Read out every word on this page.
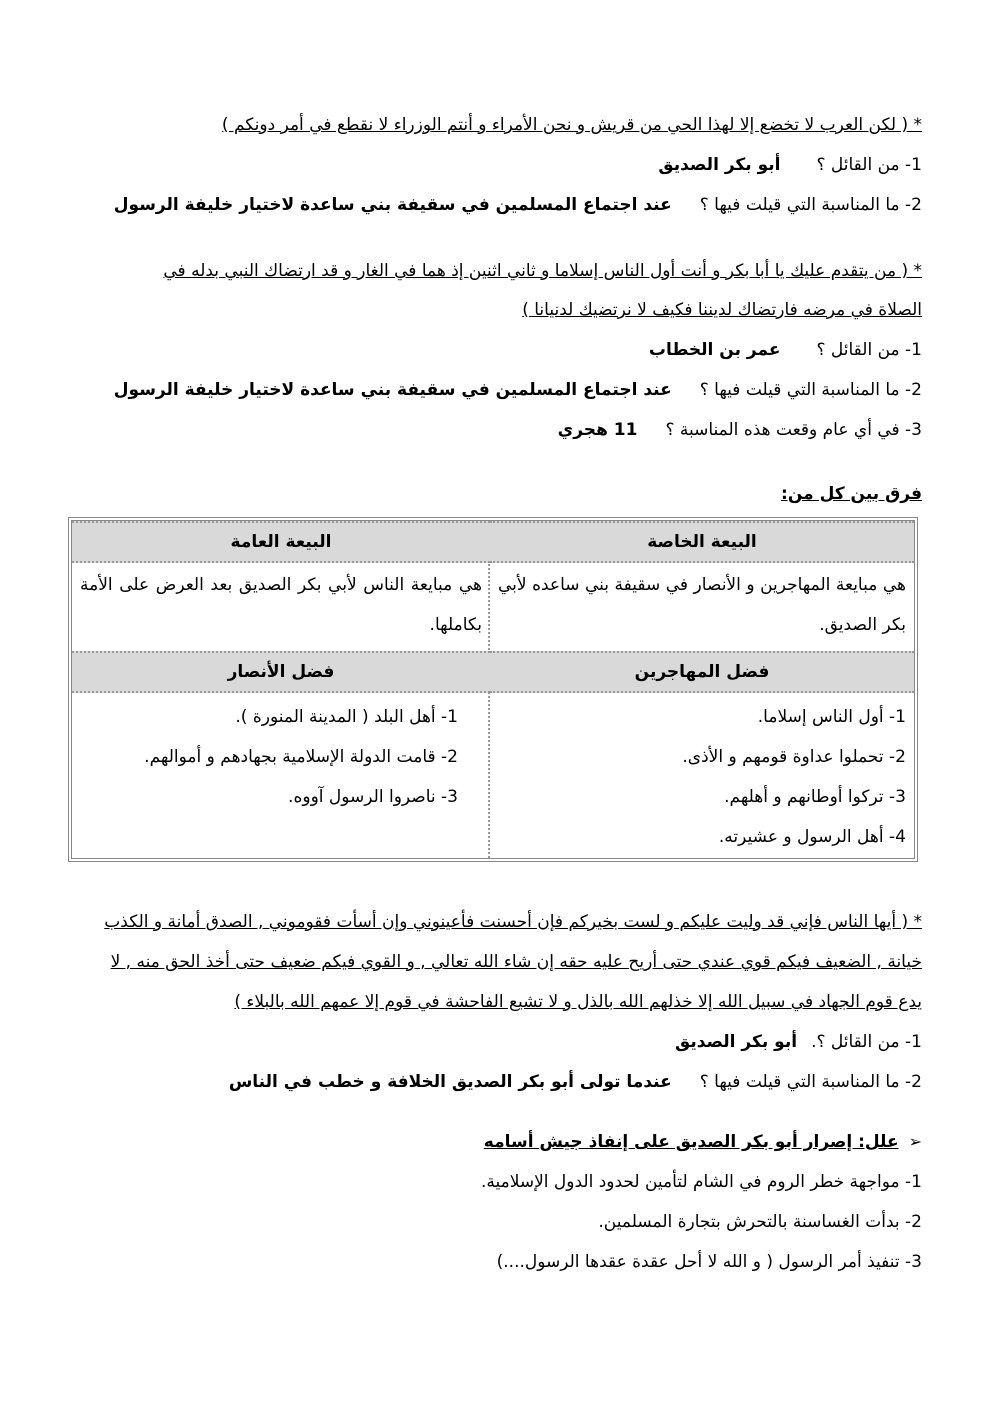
* ( لكن العرب لا تخضع إلا لهذا الحي من قريش و نحن الأمراء و أنتم الوزراء لا نقطع في أمر دونكم )
1- من القائل ؟أبو بكر الصديق
2- ما المناسبة التي قيلت فيها ؟عند اجتماع المسلمين في سقيفة بني ساعدة لاختيار خليفة الرسول
* ( من يتقدم عليك يا أبا بكر و أنت أول الناس إسلاما و ثاني اثنين إذ هما في الغار و قد ارتضاك النبي بدله في
الصلاة في مرضه فارتضاك لديننا فكيف لا نرتضيك لدنيانا )
1- من القائل ؟عمر بن الخطاب
2- ما المناسبة التي قيلت فيها ؟عند اجتماع المسلمين في سقيفة بني ساعدة لاختيار خليفة الرسول
3- في أي عام وقعت هذه المناسبة ؟11 هجري
فرق بين كل من:
البيعة الخاصة

هي مبايعة المهاجرين و الأنصار في سقيفة بني ساعده لأبي بكر الصديق.

فضل المهاجرين

1- أول الناس إسلاما.

2- تحملوا عداوة قومهم و الأذى.

3- تركوا أوطانهم و أهلهم.

4- أهل الرسول و عشيرته.

البيعة العامة

هي مبايعة الناس لأبي بكر الصديق بعد العرض على الأمة بكاملها.

فضل الأنصار

1- أهل البلد ( المدينة المنورة ).

2- قامت الدولة الإسلامية بجهادهم و أموالهم.

3- ناصروا الرسول آووه.

* ( أيها الناس فإني قد وليت عليكم و لست بخيركم فإن أحسنت فأعينوني وإن أسأت فقوموني , الصدق أمانة و الكذب
خيانة , الضعيف فيكم قوي عندي حتى أريح عليه حقه إن شاء الله تعالي , و القوي فيكم ضعيف حتى أخذ الحق منه , لا
يدع قوم الجهاد في سبيل الله إلا خذلهم الله بالذل و لا تشيع الفاحشة في قوم إلا عمهم الله بالبلاء )
1- من القائل ؟.أبو بكر الصديق
2- ما المناسبة التي قيلت فيها ؟عندما تولى أبو بكر الصديق الخلافة و خطب في الناس
➢علل: إصرار أبو بكر الصديق على إنفاذ جيش أسامه
1- مواجهة خطر الروم في الشام لتأمين لحدود الدول الإسلامية.
2- بدأت الغساسنة بالتحرش بتجارة المسلمين.
3- تنفيذ أمر الرسول ( و الله لا أحل عقدة عقدها الرسول....)
